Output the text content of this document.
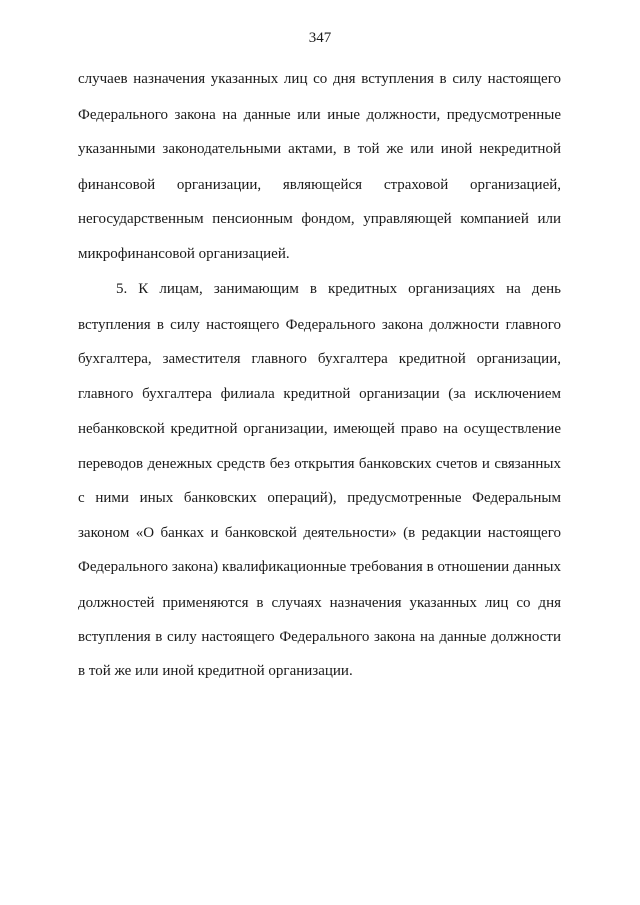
347
случаев назначения указанных лиц со дня вступления в силу настоящего
Федерального закона на данные или иные должности, предусмотренные
указанными законодательными актами, в той же или иной некредитной
финансовой организации, являющейся страховой организацией,
негосударственным пенсионным фондом, управляющей компанией или
микрофинансовой организацией.
5. К лицам, занимающим в кредитных организациях на день
вступления в силу настоящего Федерального закона должности главного
бухгалтера, заместителя главного бухгалтера кредитной организации,
главного бухгалтера филиала кредитной организации (за исключением
небанковской кредитной организации, имеющей право на осуществление
переводов денежных средств без открытия банковских счетов и связанных
с ними иных банковских операций), предусмотренные Федеральным
законом «О банках и банковской деятельности» (в редакции настоящего
Федерального закона) квалификационные требования в отношении данных
должностей применяются в случаях назначения указанных лиц со дня
вступления в силу настоящего Федерального закона на данные должности
в той же или иной кредитной организации.
